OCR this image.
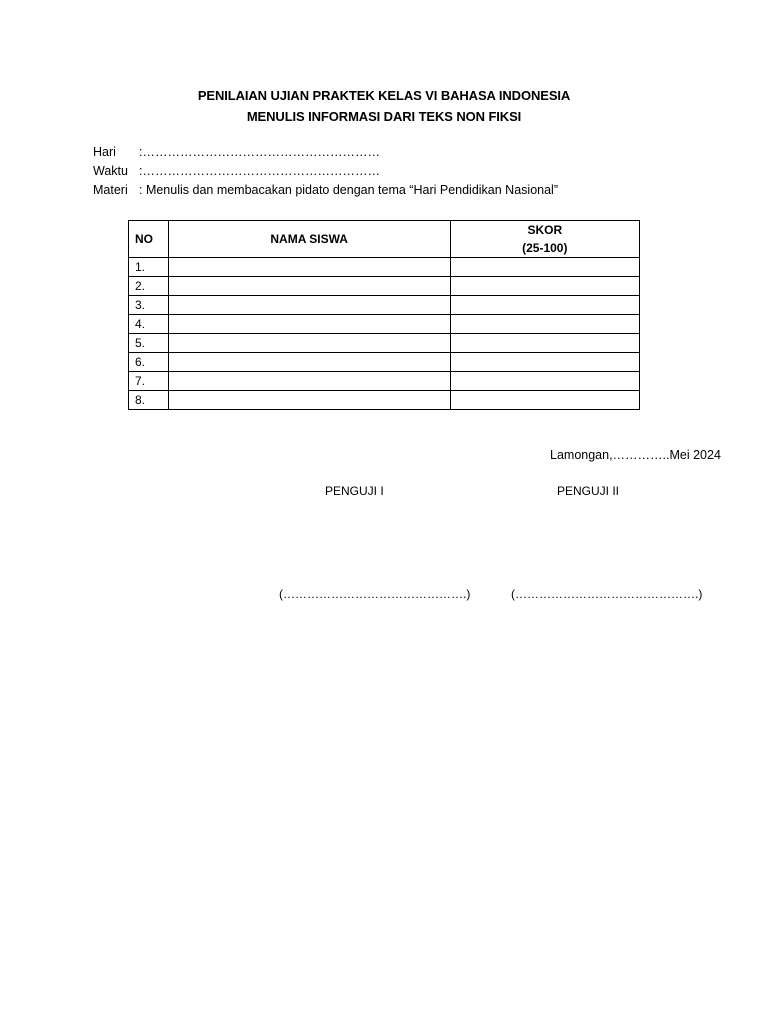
PENILAIAN UJIAN PRAKTEK KELAS VI BAHASA INDONESIA
MENULIS INFORMASI DARI TEKS NON FIKSI
Hari :…………………………………………………
Waktu :…………………………………………………
Materi : Menulis dan membacakan pidato dengan tema “Hari Pendidikan Nasional”
NO	NAMA SISWA	SKOR
(25-100)

1.		
2.		
3.		
4.		
5.		
6.		
7.		
8.		
Lamongan,…………..Mei 2024
PENGUJI I	PENGUJI II
(……………………………………….)	(……………………………………….)
